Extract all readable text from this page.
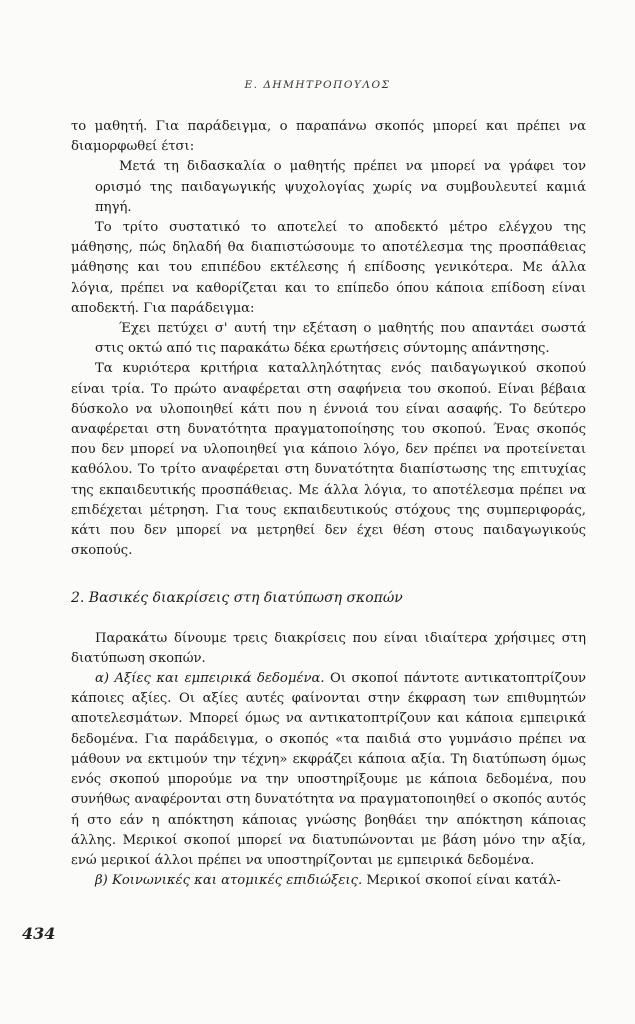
Ε. ΔΗΜΗΤΡΟΠΟΥΛΟΣ

το μαθητή. Για παράδειγμα, ο παραπάνω σκοπός μπορεί και πρέπει να διαμορφωθεί έτσι:

Μετά τη διδασκαλία ο μαθητής πρέπει να μπορεί να γράφει τον ορισμό της παιδαγωγικής ψυχολογίας χωρίς να συμβουλευτεί καμιά πηγή.

Το τρίτο συστατικό το αποτελεί το αποδεκτό μέτρο ελέγχου της μάθησης, πώς δηλαδή θα διαπιστώσουμε το αποτέλεσμα της προσπάθειας μάθησης και του επιπέδου εκτέλεσης ή επίδοσης γενικότερα. Με άλλα λόγια, πρέπει να καθορίζεται και το επίπεδο όπου κάποια επίδοση είναι αποδεκτή. Για παράδειγμα:

Έχει πετύχει σ' αυτή την εξέταση ο μαθητής που απαντάει σωστά στις οκτώ από τις παρακάτω δέκα ερωτήσεις σύντομης απάντησης.

Τα κυριότερα κριτήρια καταλληλότητας ενός παιδαγωγικού σκοπού είναι τρία. Το πρώτο αναφέρεται στη σαφήνεια του σκοπού. Είναι βέβαια δύσκολο να υλοποιηθεί κάτι που η έννοιά του είναι ασαφής. Το δεύτερο αναφέρεται στη δυνατότητα πραγματοποίησης του σκοπού. Ένας σκοπός που δεν μπορεί να υλοποιηθεί για κάποιο λόγο, δεν πρέπει να προτείνεται καθόλου. Το τρίτο αναφέρεται στη δυνατότητα διαπίστωσης της επιτυχίας της εκπαιδευτικής προσπάθειας. Με άλλα λόγια, το αποτέλεσμα πρέπει να επιδέχεται μέτρηση. Για τους εκπαιδευτικούς στόχους της συμπεριφοράς, κάτι που δεν μπορεί να μετρηθεί δεν έχει θέση στους παιδαγωγικούς σκοπούς.

2. Βασικές διακρίσεις στη διατύπωση σκοπών

Παρακάτω δίνουμε τρεις διακρίσεις που είναι ιδιαίτερα χρήσιμες στη διατύπωση σκοπών.

α) Αξίες και εμπειρικά δεδομένα. Οι σκοποί πάντοτε αντικατοπτρίζουν κάποιες αξίες. Οι αξίες αυτές φαίνονται στην έκφραση των επιθυμητών αποτελεσμάτων. Μπορεί όμως να αντικατοπτρίζουν και κάποια εμπειρικά δεδομένα. Για παράδειγμα, ο σκοπός «τα παιδιά στο γυμνάσιο πρέπει να μάθουν να εκτιμούν την τέχνη» εκφράζει κάποια αξία. Τη διατύπωση όμως ενός σκοπού μπορούμε να την υποστηρίξουμε με κάποια δεδομένα, που συνήθως αναφέρονται στη δυνατότητα να πραγματοποιηθεί ο σκοπός αυτός ή στο εάν η απόκτηση κάποιας γνώσης βοηθάει την απόκτηση κάποιας άλλης. Μερικοί σκοποί μπορεί να διατυπώνονται με βάση μόνο την αξία, ενώ μερικοί άλλοι πρέπει να υποστηρίζονται με εμπειρικά δεδομένα.

β) Κοινωνικές και ατομικές επιδιώξεις. Μερικοί σκοποί είναι κατάλ-

434
